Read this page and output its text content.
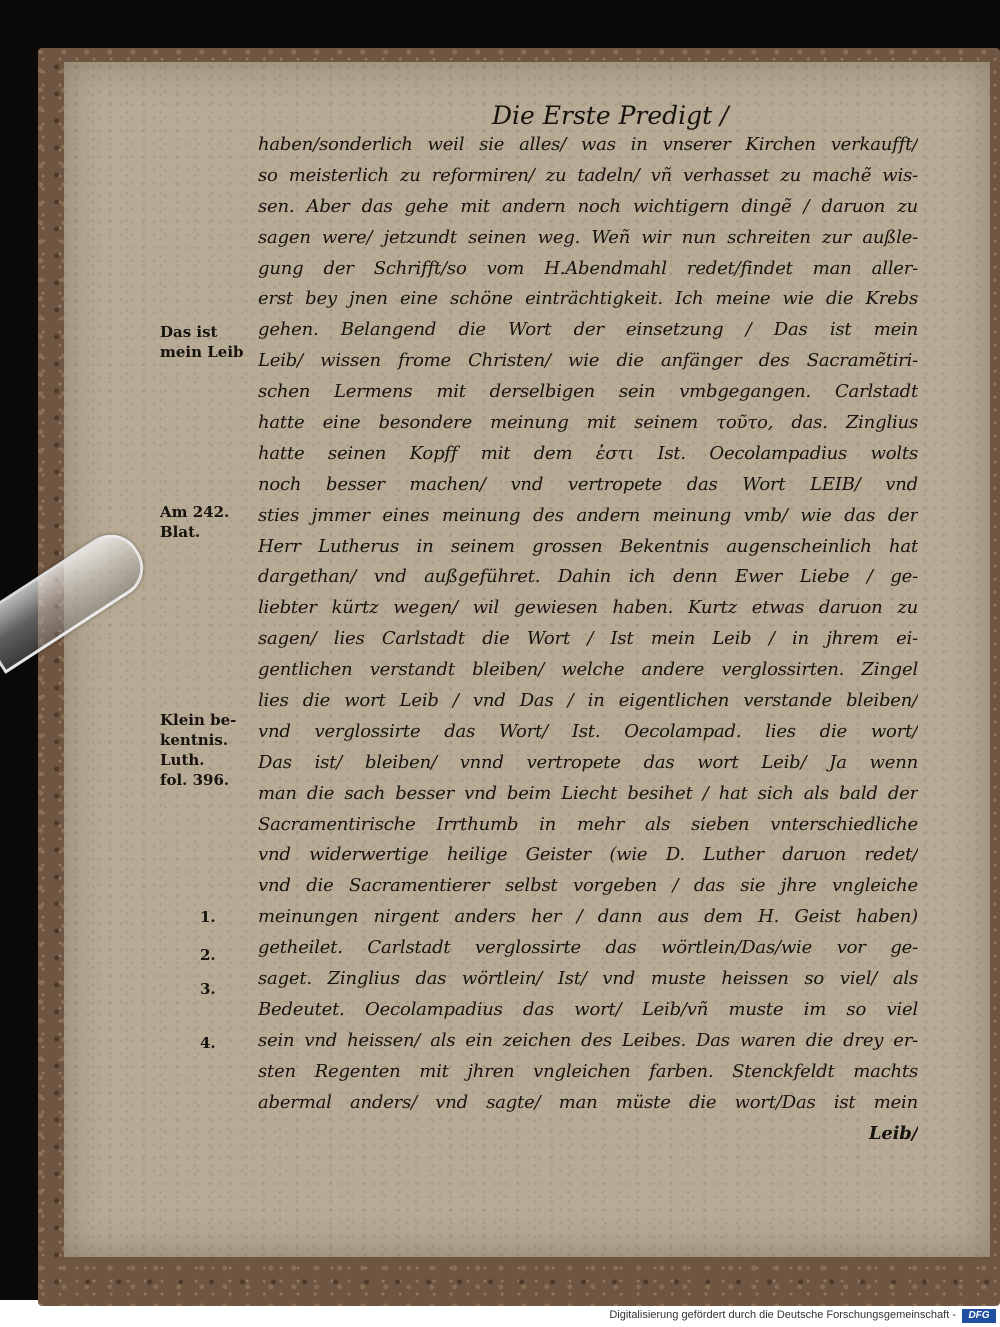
Die Erste Predigt /
haben/sonderlich weil sie alles/ was in vnserer Kirchen verkaufft/
so meisterlich zu reformiren/ zu tadeln/ vñ verhasset zu machẽ wis-
sen. Aber das gehe mit andern noch wichtigern dingẽ / daruon zu
sagen were/ jetzundt seinen weg. Weñ wir nun schreiten zur außle-
gung der Schrifft/so vom H.Abendmahl redet/findet man aller-
erst bey jnen eine schöne einträchtigkeit. Ich meine wie die Krebs
gehen. Belangend die Wort der einsetzung / Das ist mein
Leib/ wissen frome Christen/ wie die anfänger des Sacramẽtiri-
schen Lermens mit derselbigen sein vmbgegangen. Carlstadt
hatte eine besondere meinung mit seinem τοῦτο, das. Zinglius
hatte seinen Kopff mit dem ἐστι Ist. Oecolampadius wolts
noch besser machen/ vnd vertropete das Wort LEIB/ vnd
sties jmmer eines meinung des andern meinung vmb/ wie das der
Herr Lutherus in seinem grossen Bekentnis augenscheinlich hat
dargethan/ vnd außgeführet. Dahin ich denn Ewer Liebe / ge-
liebter kürtz wegen/ wil gewiesen haben. Kurtz etwas daruon zu
sagen/ lies Carlstadt die Wort / Ist mein Leib / in jhrem ei-
gentlichen verstandt bleiben/ welche andere verglossirten. Zingel
lies die wort Leib / vnd Das / in eigentlichen verstande bleiben/
vnd verglossirte das Wort/ Ist. Oecolampad. lies die wort/
Das ist/ bleiben/ vnnd vertropete das wort Leib/ Ja wenn
man die sach besser vnd beim Liecht besihet / hat sich als bald der
Sacramentirische Irrthumb in mehr als sieben vnterschiedliche
vnd widerwertige heilige Geister (wie D. Luther daruon redet/
vnd die Sacramentierer selbst vorgeben / das sie jhre vngleiche
meinungen nirgent anders her / dann aus dem H. Geist haben)
getheilet. Carlstadt verglossirte das wörtlein/Das/wie vor ge-
saget. Zinglius das wörtlein/ Ist/ vnd muste heissen so viel/ als
Bedeutet. Oecolampadius das wort/ Leib/vñ muste im so viel
sein vnd heissen/ als ein zeichen des Leibes. Das waren die drey er-
sten Regenten mit jhren vngleichen farben. Stenckfeldt machts
abermal anders/ vnd sagte/ man müste die wort/Das ist mein
Leib/
Das ist
mein Leib
Am 242.
Blat.
Klein be-
kentnis.
Luth.
fol. 396.
1.
2.
3.
4.
Digitalisierung gefördert durch die Deutsche Forschungsgemeinschaft -	DFG
